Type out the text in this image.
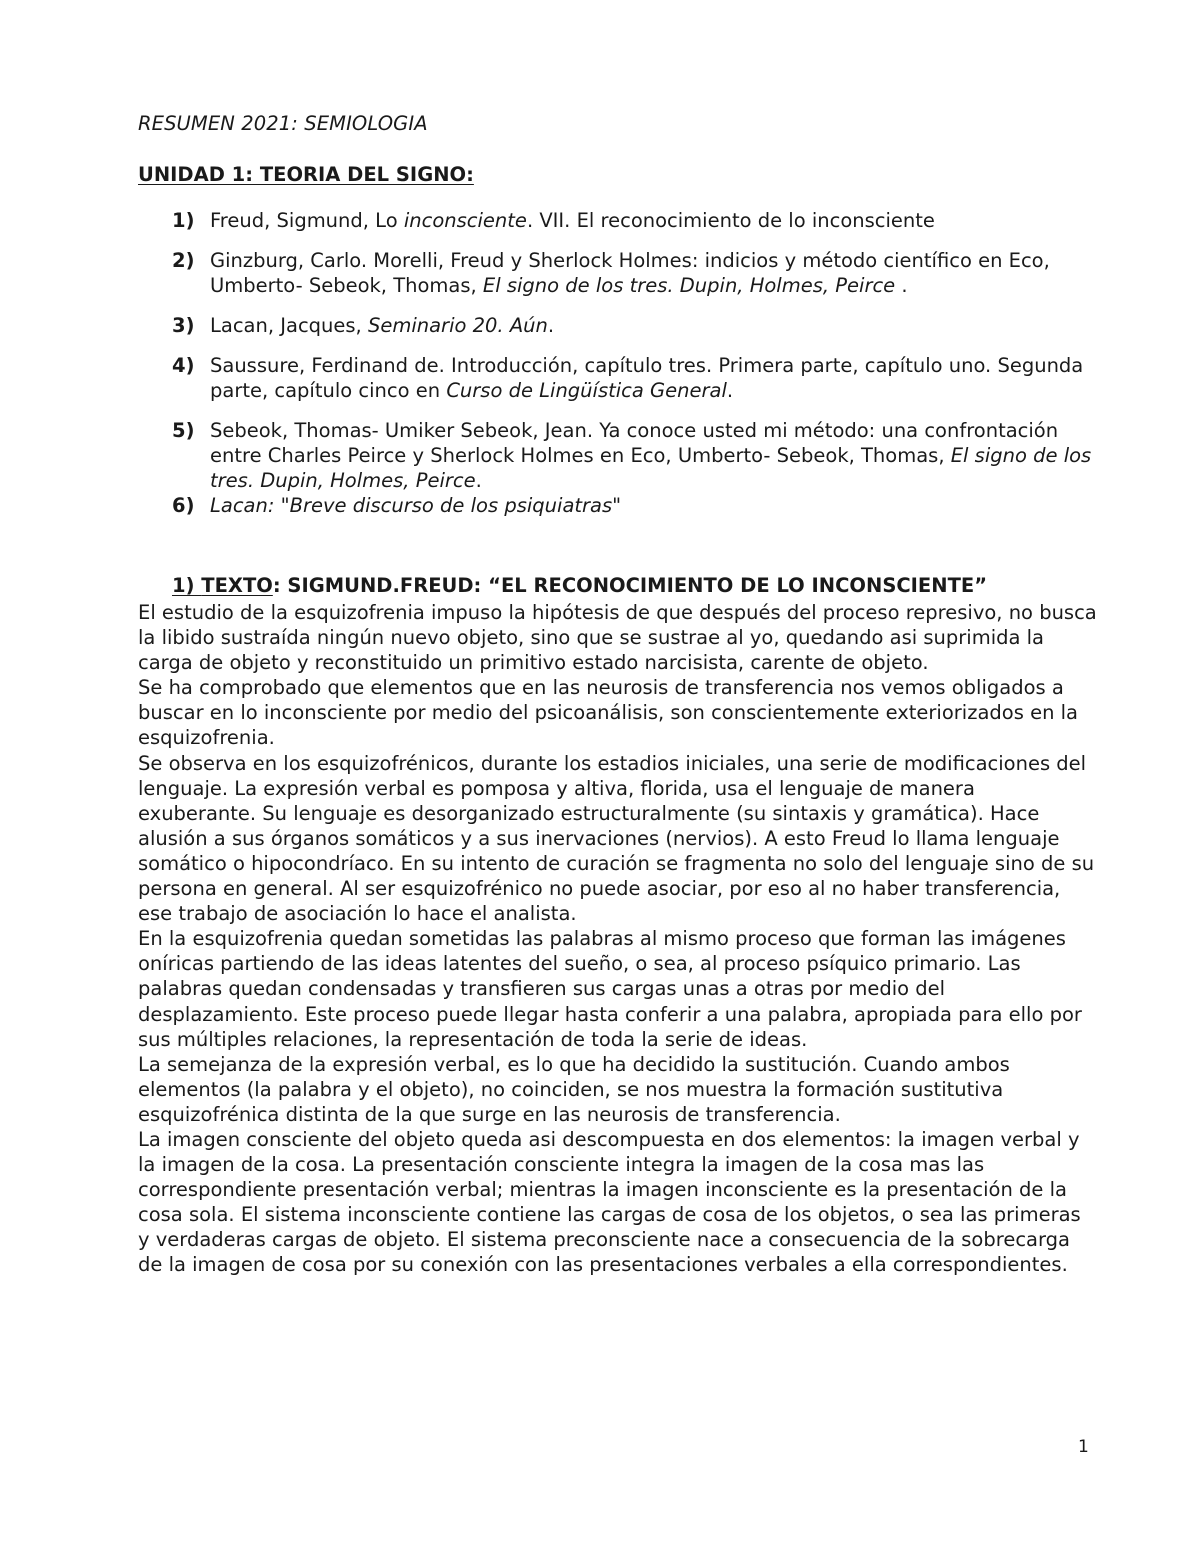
RESUMEN 2021: SEMIOLOGIA
UNIDAD 1: TEORIA DEL SIGNO:
1) Freud, Sigmund, Lo inconsciente. VII. El reconocimiento de lo inconsciente
2) Ginzburg, Carlo. Morelli, Freud y Sherlock Holmes: indicios y método científico en Eco, Umberto- Sebeok, Thomas, El signo de los tres. Dupin, Holmes, Peirce .
3) Lacan, Jacques, Seminario 20. Aún.
4) Saussure, Ferdinand de. Introducción, capítulo tres. Primera parte, capítulo uno. Segunda parte, capítulo cinco en Curso de Lingüística General.
5) Sebeok, Thomas- Umiker Sebeok, Jean. Ya conoce usted mi método: una confrontación entre Charles Peirce y Sherlock Holmes en Eco, Umberto- Sebeok, Thomas, El signo de los tres. Dupin, Holmes, Peirce.
6) Lacan: "Breve discurso de los psiquiatras"
1) TEXTO: SIGMUND.FREUD: “EL RECONOCIMIENTO DE LO INCONSCIENTE”

El estudio de la esquizofrenia impuso la hipótesis de que después del proceso represivo, no busca la libido sustraída ningún nuevo objeto, sino que se sustrae al yo, quedando asi suprimida la carga de objeto y reconstituido un primitivo estado narcisista, carente de objeto.

Se ha comprobado que elementos que en las neurosis de transferencia nos vemos obligados a buscar en lo inconsciente por medio del psicoanálisis, son conscientemente exteriorizados en la esquizofrenia.

Se observa en los esquizofrénicos, durante los estadios iniciales, una serie de modificaciones del lenguaje. La expresión verbal es pomposa y altiva, florida, usa el lenguaje de manera exuberante. Su lenguaje es desorganizado estructuralmente (su sintaxis y gramática). Hace alusión a sus órganos somáticos y a sus inervaciones (nervios). A esto Freud lo llama lenguaje somático o hipocondríaco. En su intento de curación se fragmenta no solo del lenguaje sino de su persona en general. Al ser esquizofrénico no puede asociar, por eso al no haber transferencia, ese trabajo de asociación lo hace el analista.

En la esquizofrenia quedan sometidas las palabras al mismo proceso que forman las imágenes oníricas partiendo de las ideas latentes del sueño, o sea, al proceso psíquico primario. Las palabras quedan condensadas y transfieren sus cargas unas a otras por medio del desplazamiento. Este proceso puede llegar hasta conferir a una palabra, apropiada para ello por sus múltiples relaciones, la representación de toda la serie de ideas.

La semejanza de la expresión verbal, es lo que ha decidido la sustitución. Cuando ambos elementos (la palabra y el objeto), no coinciden, se nos muestra la formación sustitutiva esquizofrénica distinta de la que surge en las neurosis de transferencia.

La imagen consciente del objeto queda asi descompuesta en dos elementos: la imagen verbal y la imagen de la cosa. La presentación consciente integra la imagen de la cosa mas las correspondiente presentación verbal; mientras la imagen inconsciente es la presentación de la cosa sola. El sistema inconsciente contiene las cargas de cosa de los objetos, o sea las primeras y verdaderas cargas de objeto. El sistema preconsciente nace a consecuencia de la sobrecarga de la imagen de cosa por su conexión con las presentaciones verbales a ella correspondientes.

1
